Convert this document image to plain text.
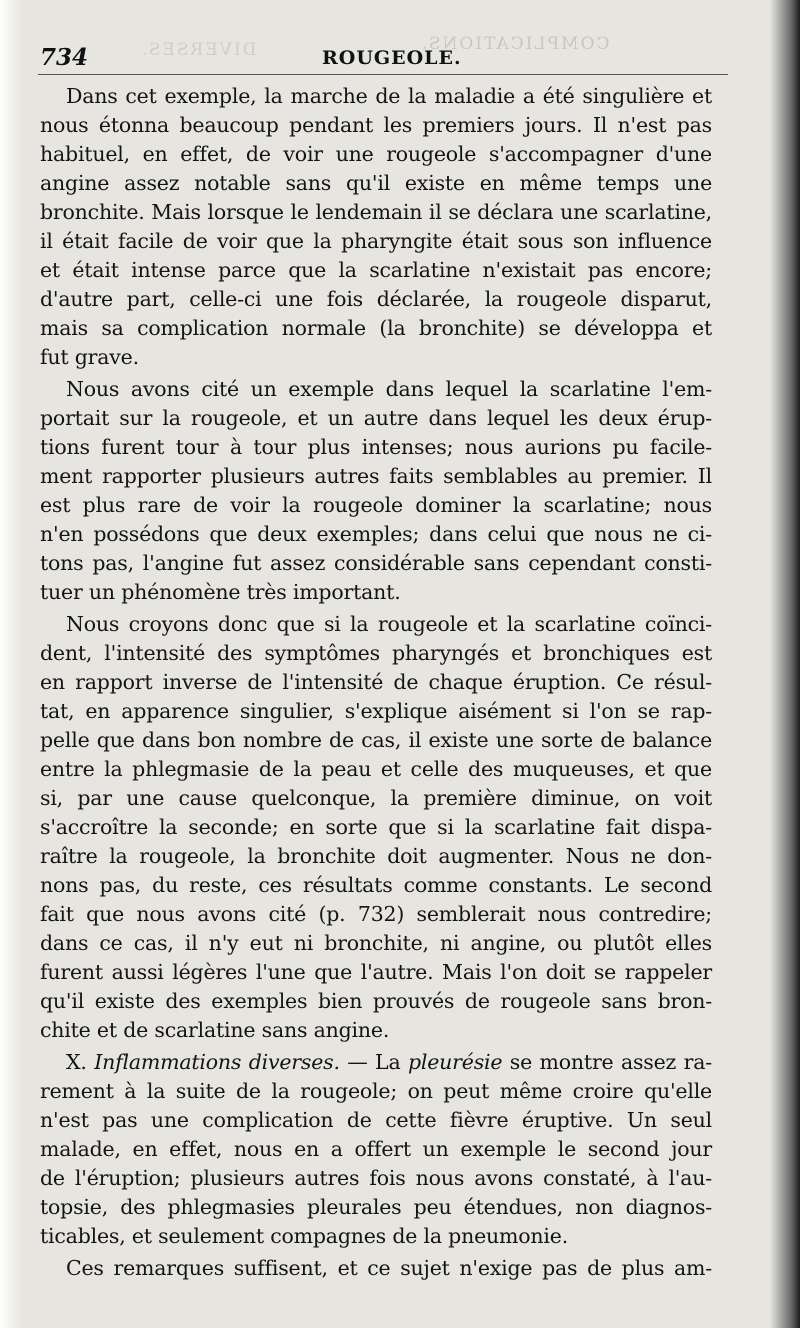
COMPLICATIONS.
DIVERSES.
734	ROUGEOLE.
Dans cet exemple, la marche de la maladie a été singulière et
nous étonna beaucoup pendant les premiers jours. Il n'est pas
habituel, en effet, de voir une rougeole s'accompagner d'une
angine assez notable sans qu'il existe en même temps une
bronchite. Mais lorsque le lendemain il se déclara une scarlatine,
il était facile de voir que la pharyngite était sous son influence
et était intense parce que la scarlatine n'existait pas encore;
d'autre part, celle-ci une fois déclarée, la rougeole disparut,
mais sa complication normale (la bronchite) se développa et
fut grave.
Nous avons cité un exemple dans lequel la scarlatine l'em-
portait sur la rougeole, et un autre dans lequel les deux érup-
tions furent tour à tour plus intenses; nous aurions pu facile-
ment rapporter plusieurs autres faits semblables au premier. Il
est plus rare de voir la rougeole dominer la scarlatine; nous
n'en possédons que deux exemples; dans celui que nous ne ci-
tons pas, l'angine fut assez considérable sans cependant consti-
tuer un phénomène très important.
Nous croyons donc que si la rougeole et la scarlatine coïnci-
dent, l'intensité des symptômes pharyngés et bronchiques est
en rapport inverse de l'intensité de chaque éruption. Ce résul-
tat, en apparence singulier, s'explique aisément si l'on se rap-
pelle que dans bon nombre de cas, il existe une sorte de balance
entre la phlegmasie de la peau et celle des muqueuses, et que
si, par une cause quelconque, la première diminue, on voit
s'accroître la seconde; en sorte que si la scarlatine fait dispa-
raître la rougeole, la bronchite doit augmenter. Nous ne don-
nons pas, du reste, ces résultats comme constants. Le second
fait que nous avons cité (p. 732) semblerait nous contredire;
dans ce cas, il n'y eut ni bronchite, ni angine, ou plutôt elles
furent aussi légères l'une que l'autre. Mais l'on doit se rappeler
qu'il existe des exemples bien prouvés de rougeole sans bron-
chite et de scarlatine sans angine.
X. Inflammations diverses. — La pleurésie se montre assez ra-
rement à la suite de la rougeole; on peut même croire qu'elle
n'est pas une complication de cette fièvre éruptive. Un seul
malade, en effet, nous en a offert un exemple le second jour
de l'éruption; plusieurs autres fois nous avons constaté, à l'au-
topsie, des phlegmasies pleurales peu étendues, non diagnos-
ticables, et seulement compagnes de la pneumonie.
Ces remarques suffisent, et ce sujet n'exige pas de plus am-
